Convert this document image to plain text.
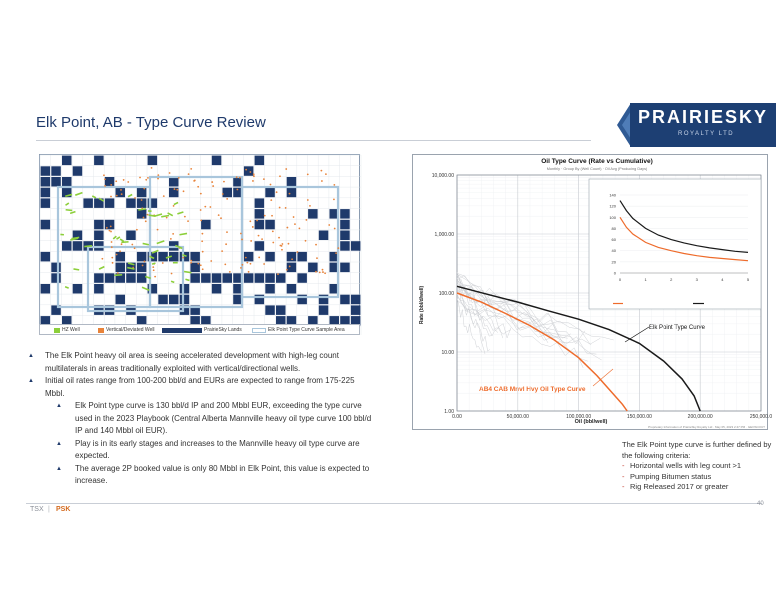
Elk Point, AB - Type Curve Review	PRAIRIESKY
ROYALTY LTD
HZ Well	Vertical/Deviated Well	PrairieSky Lands	Elk Point Type Curve Sample Area
▲ The Elk Point heavy oil area is seeing accelerated development with high-leg count multilaterals in areas traditionally exploited with vertical/directional wells.
▲ Initial oil rates range from 100-200 bbl/d and EURs are expected to range from 175-225 Mbbl.
▲ Elk Point type curve is 130 bbl/d IP and 200 Mbbl EUR, exceeding the type curve used in the 2023 Playbook (Central Alberta Mannville heavy oil type curve 100 bbl/d IP and 140 Mbbl oil EUR).
▲ Play is in its early stages and increases to the Mannville heavy oil type curve are expected.
▲ The average 2P booked value is only 80 Mbbl in Elk Point, this value is expected to increase.
Oil Type Curve (Rate vs Cumulative)
Monthly · Group By (Well Count) · Oil Avg (Producing Days)
Rate (bbl/d/well)
Oil (bbl/well)
Proprietary Information of PrairieSky Royalty Ltd · May 05, 2023 2:47 PM · GEOSCOUT
Elk Point Type Curve
AB4 CAB Mnvl Hvy Oil Type Curve
1.00
10.00
100.00
1,000.00
10,000.00
0.00	50,000.00	100,000.00	150,000.00	200,000.00	250,000.0
0
20
40
60
80
100
120
140
0	1	2	3	4	5
The Elk Point type curve is further defined by the following criteria:
- Horizontal wells with leg count >1
- Pumping Bitumen status
- Rig Released 2017 or greater
TSX | PSK
40
